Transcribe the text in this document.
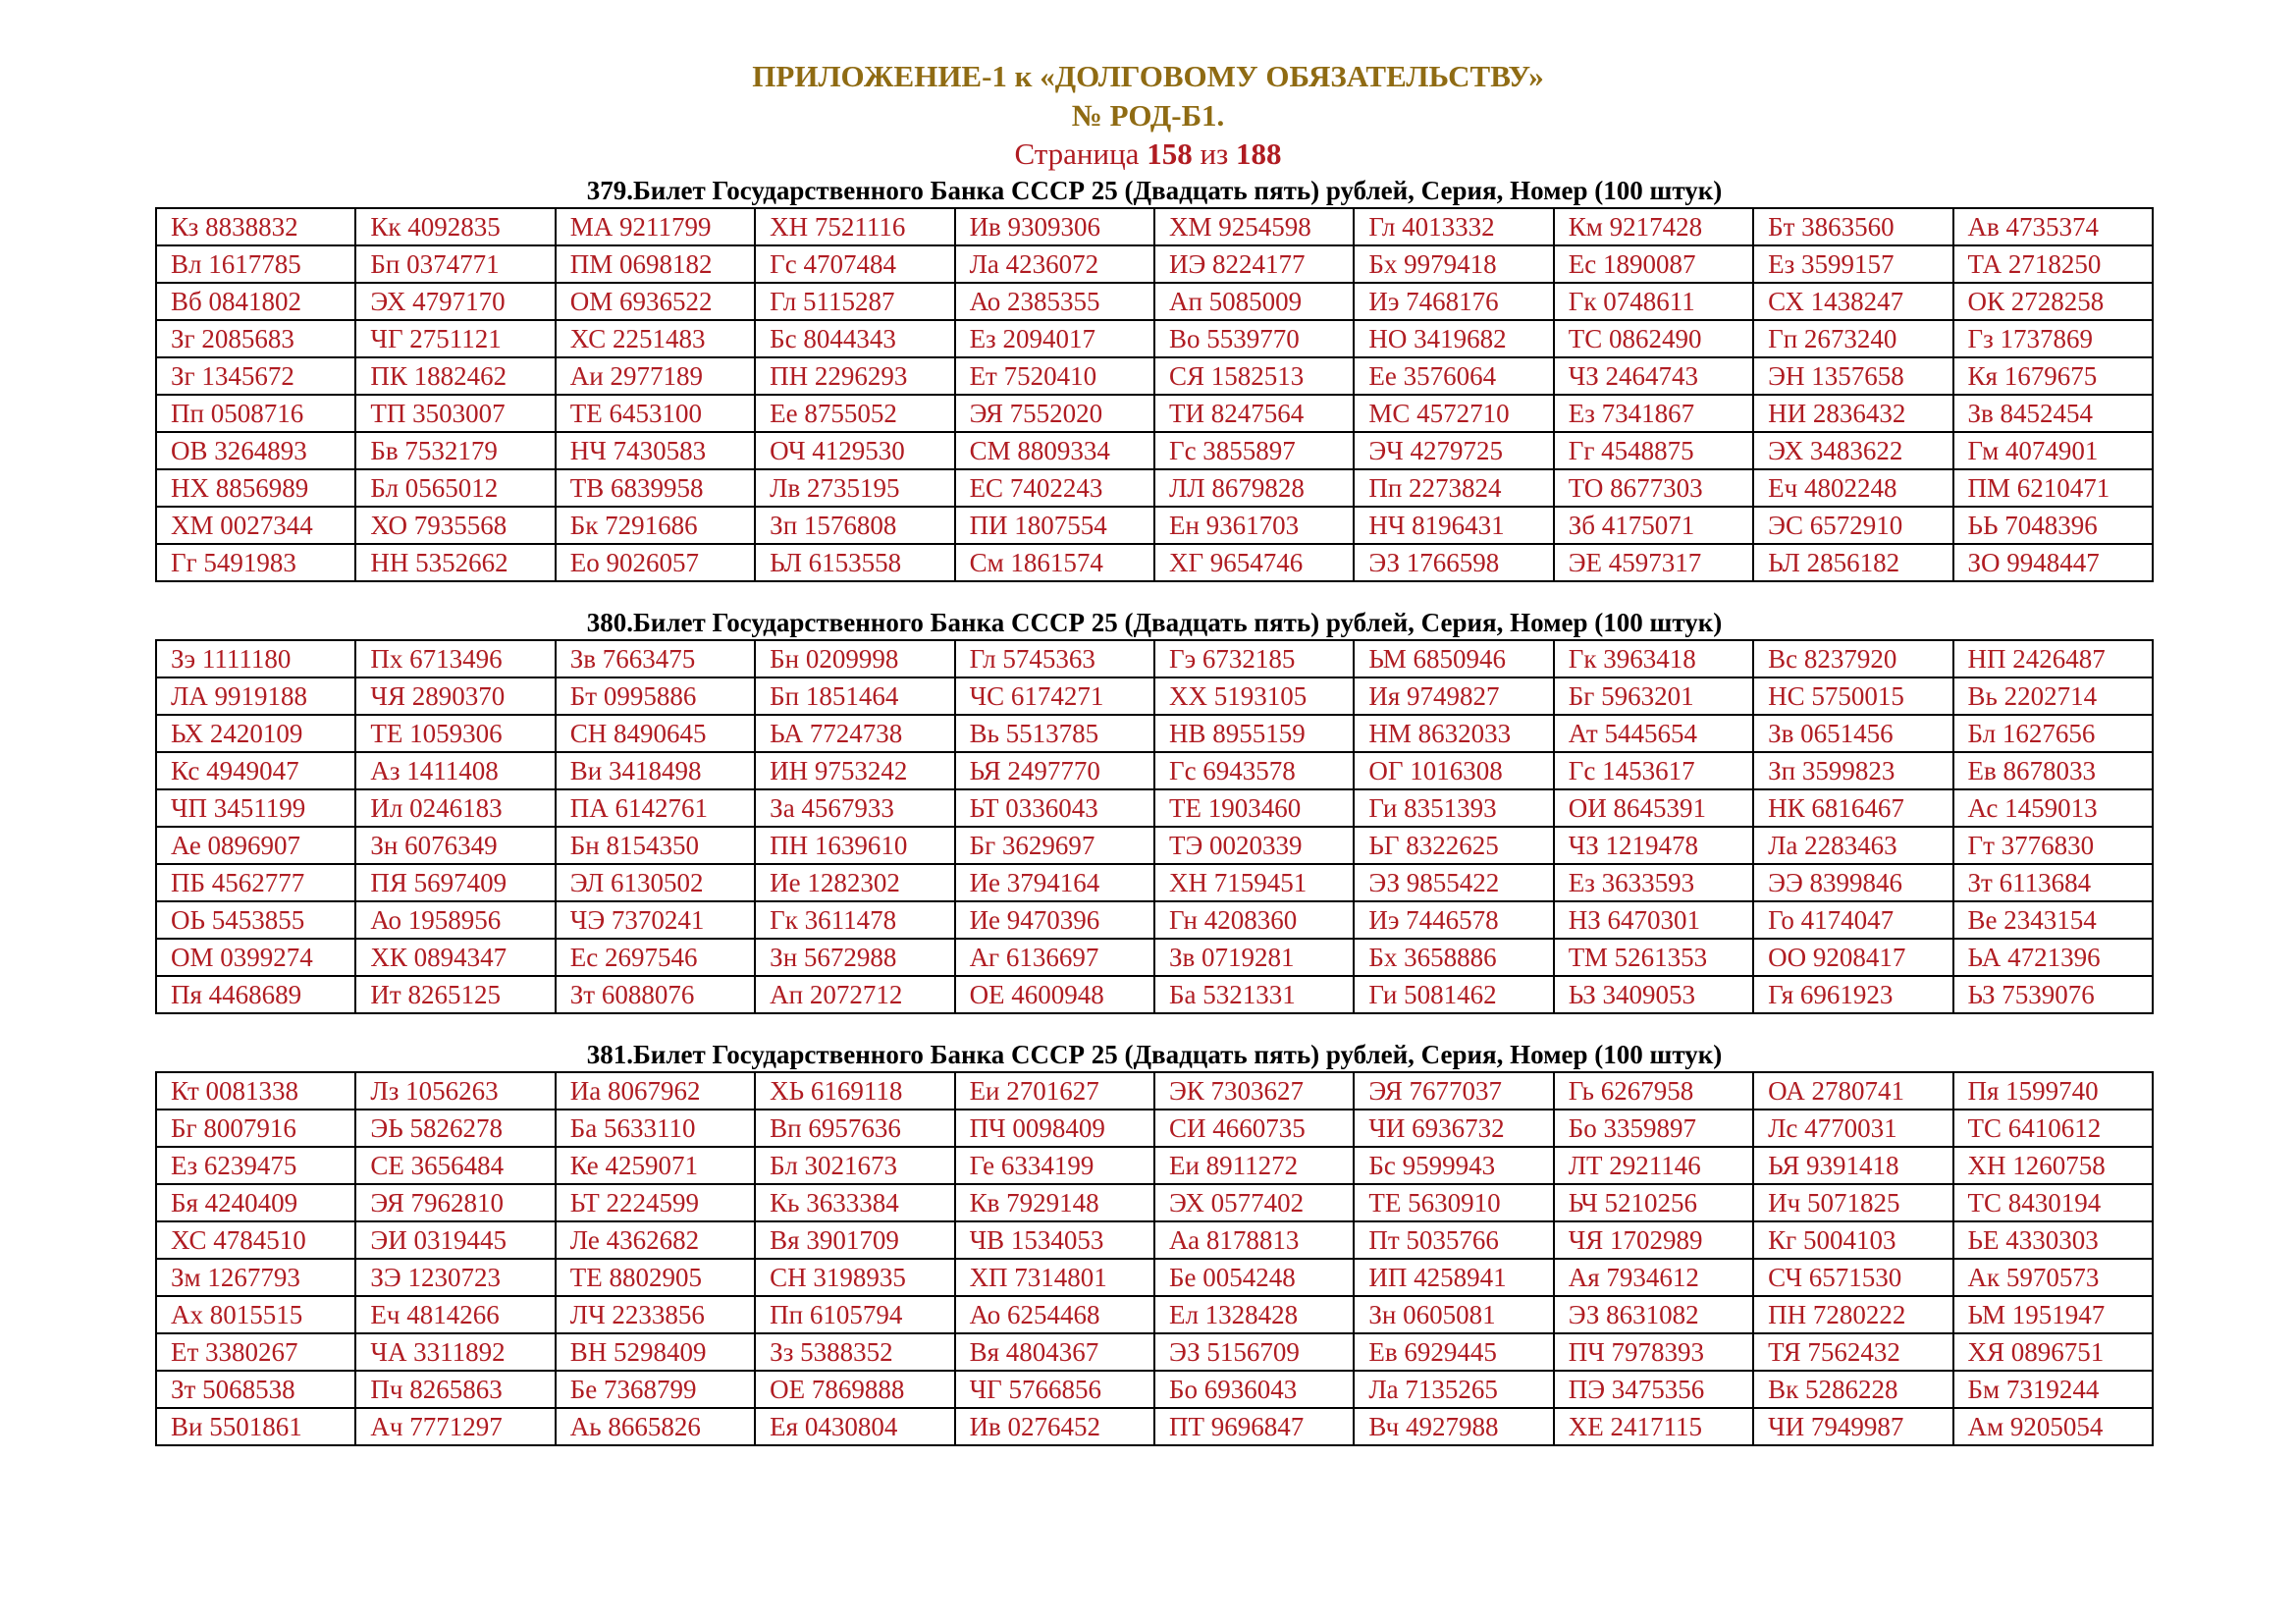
ПРИЛОЖЕНИЕ-1 к «ДОЛГОВОМУ ОБЯЗАТЕЛЬСТВУ»
№ РОД-Б1.
Страница 158 из 188
379.Билет Государственного Банка СССР 25 (Двадцать пять) рублей, Серия, Номер (100 штук)
Кз 8838832	Кк 4092835	МА 9211799	ХН 7521116	Ив 9309306	ХМ 9254598	Гл 4013332	Км 9217428	Бт 3863560	Ав 4735374
Вл 1617785	Бп 0374771	ПМ 0698182	Гс 4707484	Ла 4236072	ИЭ 8224177	Бх 9979418	Ес 1890087	Ез 3599157	ТА 2718250
Вб 0841802	ЭХ 4797170	ОМ 6936522	Гл 5115287	Ао 2385355	Ап 5085009	Иэ 7468176	Гк 0748611	СХ 1438247	ОК 2728258
Зг 2085683	ЧГ 2751121	ХС 2251483	Бс 8044343	Ез 2094017	Во 5539770	НО 3419682	ТС 0862490	Гп 2673240	Гз 1737869
Зг 1345672	ПК 1882462	Аи 2977189	ПН 2296293	Ет 7520410	СЯ 1582513	Ее 3576064	ЧЗ 2464743	ЭН 1357658	Кя 1679675
Пп 0508716	ТП 3503007	ТЕ 6453100	Ее 8755052	ЭЯ 7552020	ТИ 8247564	МС 4572710	Ез 7341867	НИ 2836432	Зв 8452454
ОВ 3264893	Бв 7532179	НЧ 7430583	ОЧ 4129530	СМ 8809334	Гс 3855897	ЭЧ 4279725	Гг 4548875	ЭХ 3483622	Гм 4074901
НХ 8856989	Бл 0565012	ТВ 6839958	Лв 2735195	ЕС 7402243	ЛЛ 8679828	Пп 2273824	ТО 8677303	Еч 4802248	ПМ 6210471
ХМ 0027344	ХО 7935568	Бк 7291686	Зп 1576808	ПИ 1807554	Ен 9361703	НЧ 8196431	Зб 4175071	ЭС 6572910	ЬЬ 7048396
Гг 5491983	НН 5352662	Ео 9026057	ЬЛ 6153558	См 1861574	ХГ 9654746	ЭЗ 1766598	ЭЕ 4597317	ЬЛ 2856182	ЗО 9948447
380.Билет Государственного Банка СССР 25 (Двадцать пять) рублей, Серия, Номер (100 штук)
Зэ 1111180	Пх 6713496	Зв 7663475	Бн 0209998	Гл 5745363	Гэ 6732185	ЬМ 6850946	Гк 3963418	Вс 8237920	НП 2426487
ЛА 9919188	ЧЯ 2890370	Бт 0995886	Бп 1851464	ЧС 6174271	ХХ 5193105	Ия 9749827	Бг 5963201	НС 5750015	Вь 2202714
ЬХ 2420109	ТЕ 1059306	СН 8490645	ЬА 7724738	Вь 5513785	НВ 8955159	НМ 8632033	Ат 5445654	Зв 0651456	Бл 1627656
Кс 4949047	Аз 1411408	Ви 3418498	ИН 9753242	ЬЯ 2497770	Гс 6943578	ОГ 1016308	Гс 1453617	Зп 3599823	Ев 8678033
ЧП 3451199	Ил 0246183	ПА 6142761	За 4567933	ЬТ 0336043	ТЕ 1903460	Ги 8351393	ОИ 8645391	НК 6816467	Ас 1459013
Ае 0896907	Зн 6076349	Бн 8154350	ПН 1639610	Бг 3629697	ТЭ 0020339	ЬГ 8322625	ЧЗ 1219478	Ла 2283463	Гт 3776830
ПБ 4562777	ПЯ 5697409	ЭЛ 6130502	Ие 1282302	Ие 3794164	ХН 7159451	ЭЗ 9855422	Ез 3633593	ЭЭ 8399846	Зт 6113684
ОЬ 5453855	Ао 1958956	ЧЭ 7370241	Гк 3611478	Ие 9470396	Гн 4208360	Иэ 7446578	НЗ 6470301	Го 4174047	Ве 2343154
ОМ 0399274	ХК 0894347	Ес 2697546	Зн 5672988	Аг 6136697	Зв 0719281	Бх 3658886	ТМ 5261353	ОО 9208417	ЬА 4721396
Пя 4468689	Ит 8265125	Зт 6088076	Ап 2072712	ОЕ 4600948	Ба 5321331	Ги 5081462	ЬЗ 3409053	Гя 6961923	ЬЗ 7539076
381.Билет Государственного Банка СССР 25 (Двадцать пять) рублей, Серия, Номер (100 штук)
Кт 0081338	Лз 1056263	Иа 8067962	ХЬ 6169118	Еи 2701627	ЭК 7303627	ЭЯ 7677037	Гь 6267958	ОА 2780741	Пя 1599740
Бг 8007916	ЭЬ 5826278	Ба 5633110	Вп 6957636	ПЧ 0098409	СИ 4660735	ЧИ 6936732	Бо 3359897	Лс 4770031	ТС 6410612
Ез 6239475	СЕ 3656484	Ке 4259071	Бл 3021673	Ге 6334199	Еи 8911272	Бс 9599943	ЛТ 2921146	ЬЯ 9391418	ХН 1260758
Бя 4240409	ЭЯ 7962810	ЬТ 2224599	Кь 3633384	Кв 7929148	ЭХ 0577402	ТЕ 5630910	ЬЧ 5210256	Ич 5071825	ТС 8430194
ХС 4784510	ЭИ 0319445	Ле 4362682	Вя 3901709	ЧВ 1534053	Аа 8178813	Пт 5035766	ЧЯ 1702989	Кг 5004103	ЬЕ 4330303
Зм 1267793	ЗЭ 1230723	ТЕ 8802905	СН 3198935	ХП 7314801	Бе 0054248	ИП 4258941	Ая 7934612	СЧ 6571530	Ак 5970573
Ах 8015515	Еч 4814266	ЛЧ 2233856	Пп 6105794	Ао 6254468	Ел 1328428	Зн 0605081	ЭЗ 8631082	ПН 7280222	ЬМ 1951947
Ет 3380267	ЧА 3311892	ВН 5298409	Зз 5388352	Вя 4804367	ЭЗ 5156709	Ев 6929445	ПЧ 7978393	ТЯ 7562432	ХЯ 0896751
Зт 5068538	Пч 8265863	Бе 7368799	ОЕ 7869888	ЧГ 5766856	Бо 6936043	Ла 7135265	ПЭ 3475356	Вк 5286228	Бм 7319244
Ви 5501861	Ач 7771297	Аь 8665826	Ея 0430804	Ив 0276452	ПТ 9696847	Вч 4927988	ХЕ 2417115	ЧИ 7949987	Ам 9205054
